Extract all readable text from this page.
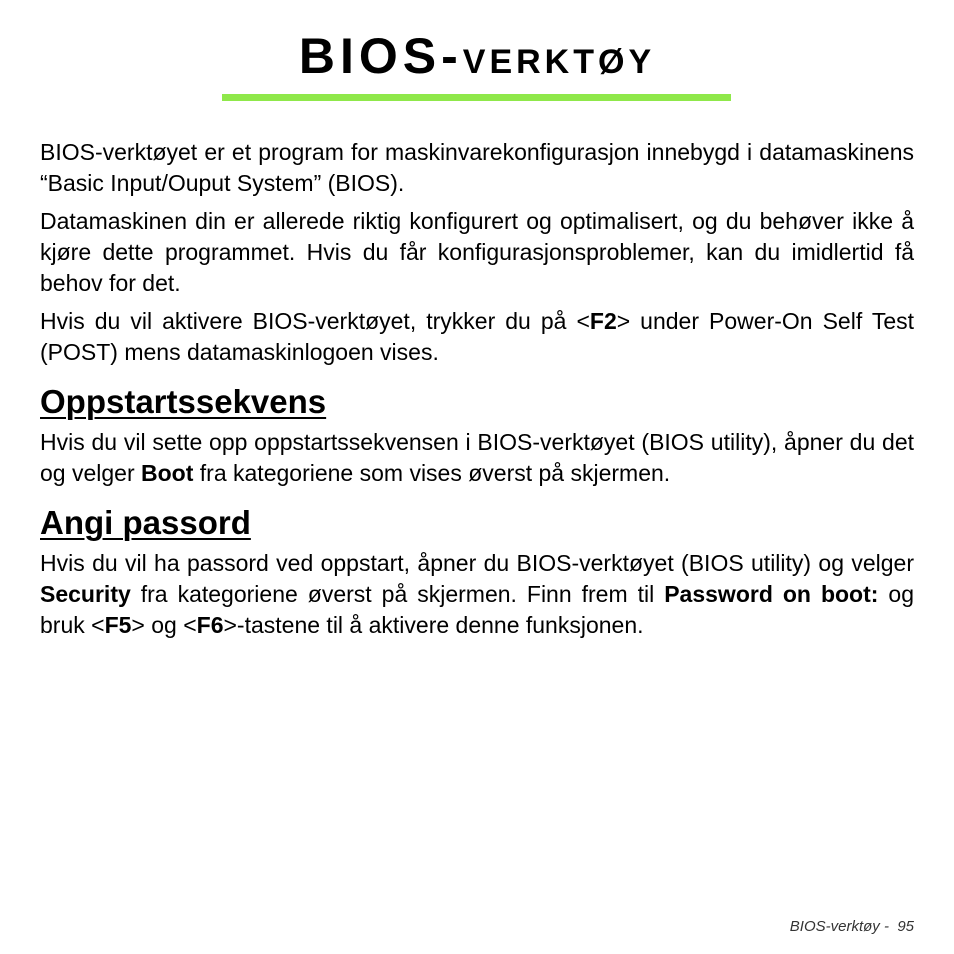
BIOS-VERKTØY

BIOS-verktøyet er et program for maskinvarekonfigurasjon innebygd i datamaskinens “Basic Input/Ouput System” (BIOS).

Datamaskinen din er allerede riktig konfigurert og optimalisert, og du behøver ikke å kjøre dette programmet. Hvis du får konfigurasjonsproblemer, kan du imidlertid få behov for det.

Hvis du vil aktivere BIOS-verktøyet, trykker du på <F2> under Power-On Self Test (POST) mens datamaskinlogoen vises.

Oppstartssekvens

Hvis du vil sette opp oppstartssekvensen i BIOS-verktøyet (BIOS utility), åpner du det og velger Boot fra kategoriene som vises øverst på skjermen.

Angi passord

Hvis du vil ha passord ved oppstart, åpner du BIOS-verktøyet (BIOS utility) og velger Security fra kategoriene øverst på skjermen. Finn frem til Password on boot: og bruk <F5> og <F6>-tastene til å aktivere denne funksjonen.

BIOS-verktøy - 95
